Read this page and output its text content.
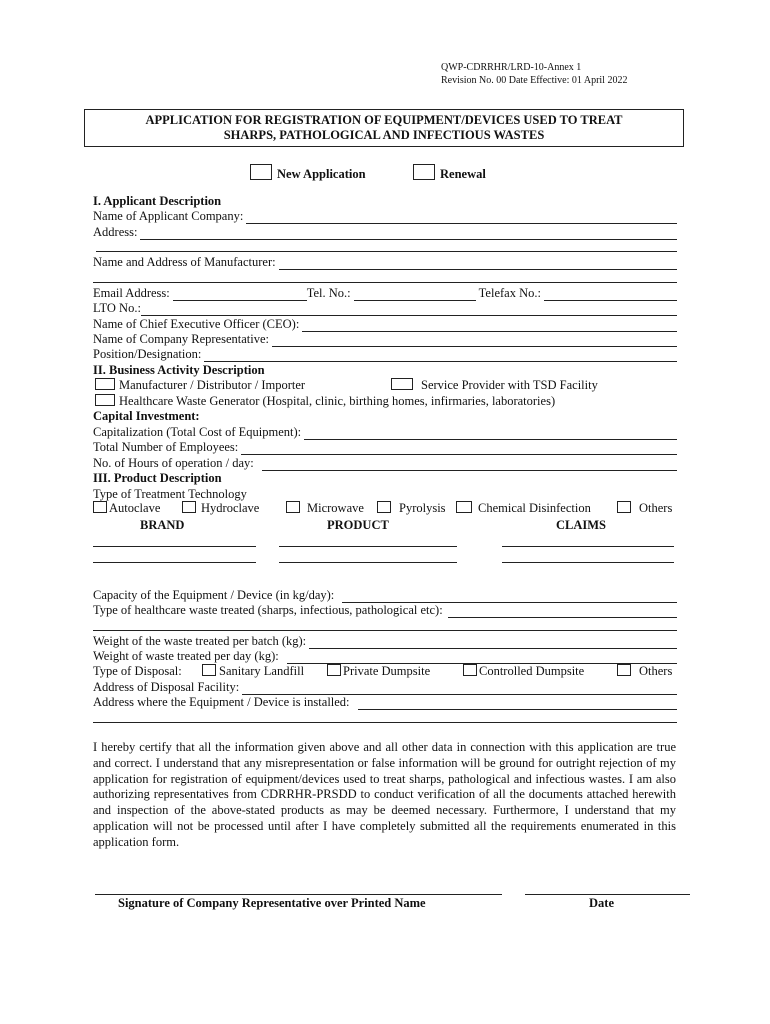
QWP-CDRRHR/LRD-10-Annex 1
Revision No. 00 Date Effective: 01 April 2022
APPLICATION FOR REGISTRATION OF EQUIPMENT/DEVICES USED TO TREAT
SHARPS, PATHOLOGICAL AND INFECTIOUS WASTES
New Application	Renewal
I. Applicant Description
Name of Applicant Company:
Address:
Name and Address of Manufacturer:
Email Address:	Tel. No.:	Telefax No.:
LTO No.:
Name of Chief Executive Officer (CEO):
Name of Company Representative:
Position/Designation:
II. Business Activity Description
Manufacturer / Distributor / Importer	Service Provider with TSD Facility
Healthcare Waste Generator (Hospital, clinic, birthing homes, infirmaries, laboratories)
Capital Investment:
Capitalization (Total Cost of Equipment):
Total Number of Employees:
No. of Hours of operation / day:
III. Product Description
Type of Treatment Technology
Autoclave	Hydroclave	Microwave	Pyrolysis	Chemical Disinfection	Others
BRAND	PRODUCT	CLAIMS
Capacity of the Equipment / Device (in kg/day):
Type of healthcare waste treated (sharps, infectious, pathological etc):
Weight of the waste treated per batch (kg):
Weight of waste treated per day (kg):
Type of Disposal:	Sanitary Landfill	Private Dumpsite	Controlled Dumpsite	Others
Address of Disposal Facility:
Address where the Equipment / Device is installed:
I hereby certify that all the information given above and all other data in connection with this application are true and correct. I understand that any misrepresentation or false information will be ground for outright rejection of my application for registration of equipment/devices used to treat sharps, pathological and infectious wastes. I am also authorizing representatives from CDRRHR-PRSDD to conduct verification of all the documents attached herewith and inspection of the above-stated products as may be deemed necessary. Furthermore, I understand that my application will not be processed until after I have completely submitted all the requirements enumerated in this application form.
Signature of Company Representative over Printed Name	Date
